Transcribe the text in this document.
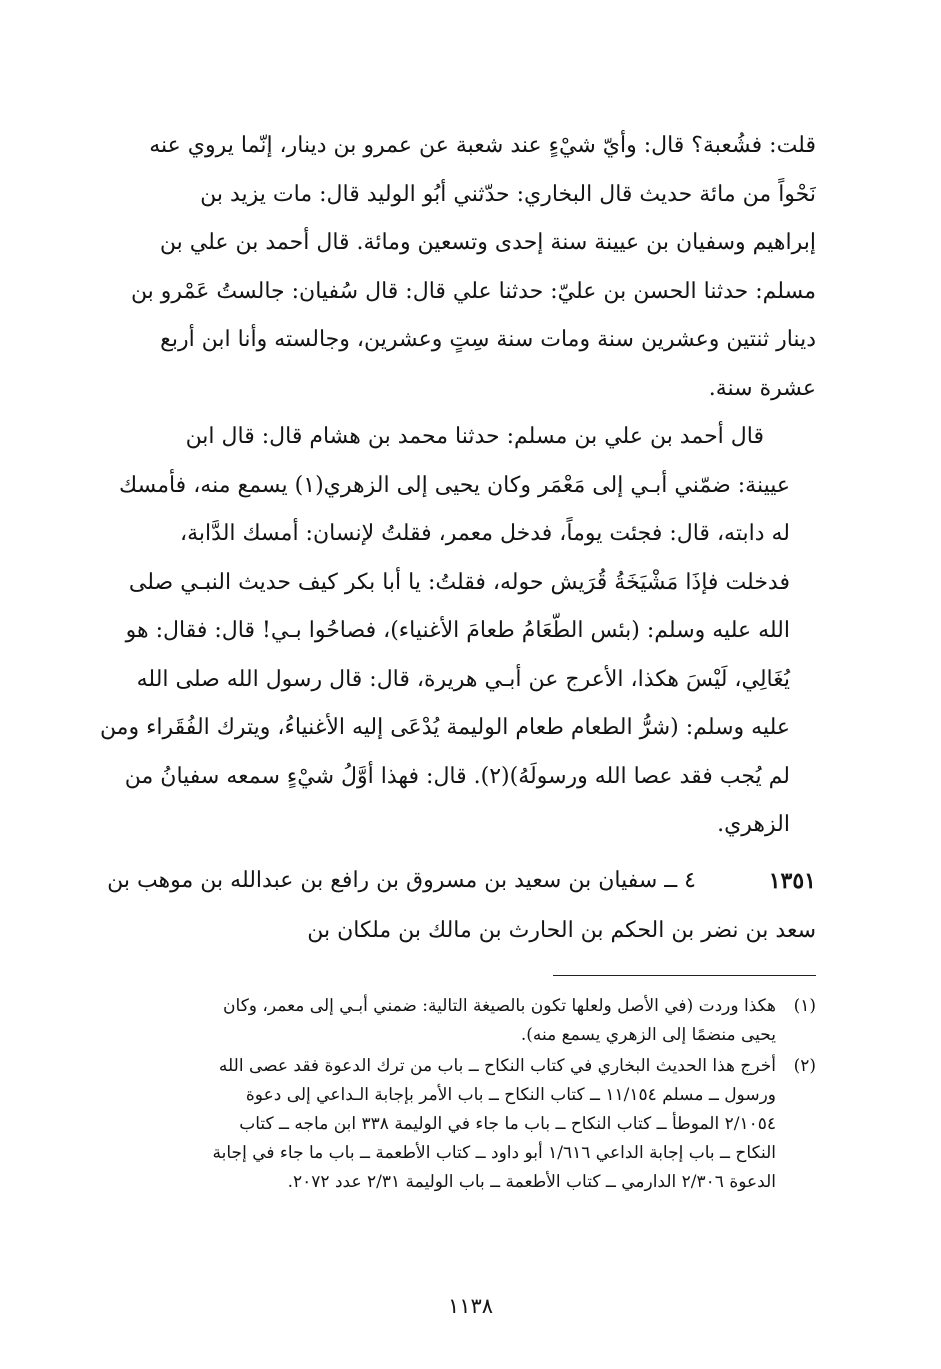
قلت: فشُعبة؟ قال: وأيّ شيْءٍ عند شعبة عن عمرو بن دينار، إنّما يروي عنه
نَحْواً من مائة حديث قال البخاري: حدّثني أبُو الوليد قال: مات يزيد بن
إبراهيم وسفيان بن عيينة سنة إحدى وتسعين ومائة. قال أحمد بن علي بن
مسلم: حدثنا الحسن بن عليّ: حدثنا علي قال: قال سُفيان: جالستُ عَمْرو بن
دينار ثنتين وعشرين سنة ومات سنة سِتٍ وعشرين، وجالسته وأنا ابن أربع
عشرة سنة.
قال أحمد بن علي بن مسلم: حدثنا محمد بن هشام قال: قال ابن
عيينة: ضمّني أبـي إلى مَعْمَر وكان يحيى إلى الزهري(١) يسمع منه، فأمسك
له دابته، قال: فجئت يوماً، فدخل معمر، فقلتُ لإنسان: أمسك الدَّابة،
فدخلت فإذَا مَشْيَخَةُ قُرَيش حوله، فقلتُ: يا أبا بكر كيف حديث النبـي صلى
الله عليه وسلم: (بئس الطّعَامُ طعامَ الأغنياء)، فصاحُوا بـي! قال: فقال: هو
يُغَالِي، لَيْسَ هكذا، الأعرج عن أبـي هريرة، قال: قال رسول الله صلى الله
عليه وسلم: (شرُّ الطعام طعام الوليمة يُدْعَى إليه الأغنياءُ، ويترك الفُقَراء ومن
لم يُجب فقد عصا الله ورسولَهُ)(٢). قال: فهذا أوَّلُ شيْءٍ سمعه سفيانُ من
الزهري.
١٣٥١
٤ ــ سفيان بن سعيد بن مسروق بن رافع بن عبدالله بن موهب بن
سعد بن نضر بن الحكم بن الحارث بن مالك بن ملكان بن
(١)
هكذا وردت (في الأصل ولعلها تكون بالصيغة التالية: ضمني أبـي إلى معمر، وكان
يحيى منضمًا إلى الزهري يسمع منه).
(٢)
أخرج هذا الحديث البخاري في كتاب النكاح ــ باب من ترك الدعوة فقد عصى الله
ورسول ــ مسلم ١١/١٥٤ ــ كتاب النكاح ــ باب الأمر بإجابة الـداعي إلى دعوة
٢/١٠٥٤ الموطأ ــ كتاب النكاح ــ باب ما جاء في الوليمة ٣٣٨ ابن ماجه ــ كتاب
النكاح ــ باب إجابة الداعي ١/٦١٦ أبو داود ــ كتاب الأطعمة ــ باب ما جاء في إجابة
الدعوة ٢/٣٠٦ الدارمي ــ كتاب الأطعمة ــ باب الوليمة ٢/٣١ عدد ٢٠٧٢.
١١٣٨
